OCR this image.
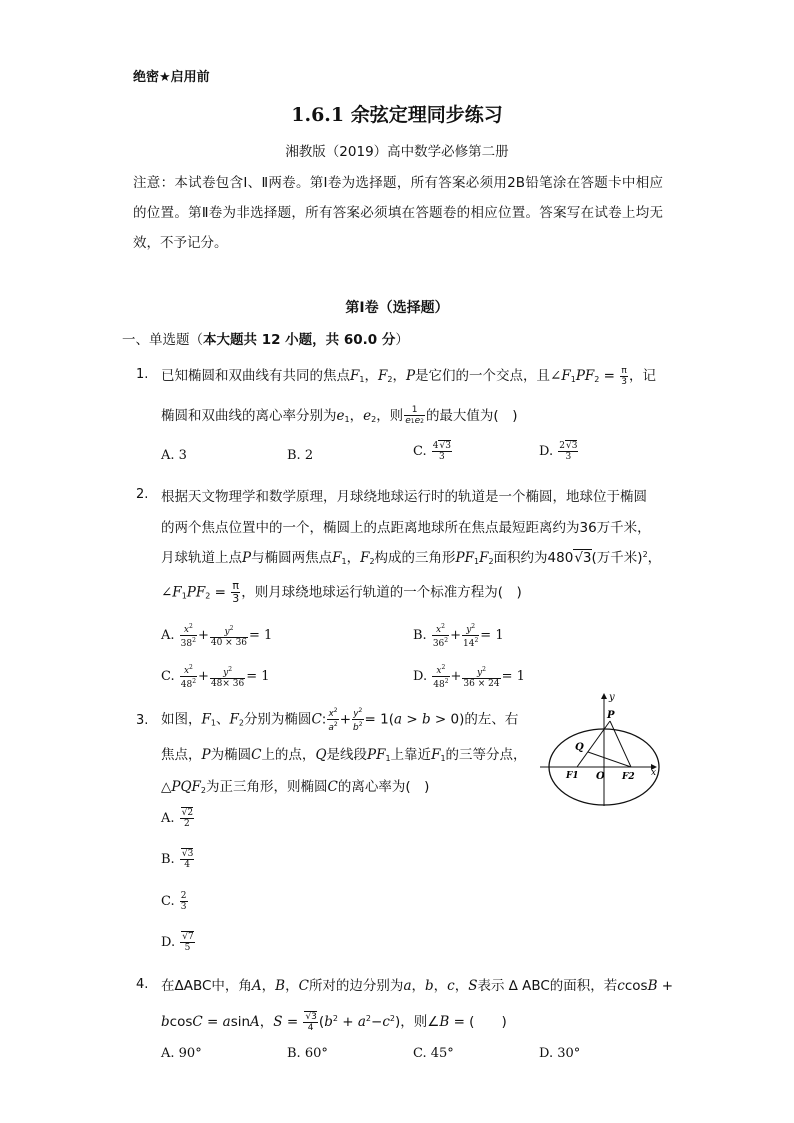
绝密★启用前
1.6.1 余弦定理同步练习
湘教版（2019）高中数学必修第二册
注意：本试卷包含Ⅰ、Ⅱ两卷。第Ⅰ卷为选择题，所有答案必须用2B铅笔涂在答题卡中相应的位置。第Ⅱ卷为非选择题，所有答案必须填在答题卷的相应位置。答案写在试卷上均无效，不予记分。
第Ⅰ卷（选择题）
一、单选题（本大题共 12 小题，共 60.0 分）
1. 已知椭圆和双曲线有共同的焦点$F_1$，$F_2$，P是它们的一个交点，且$\angle F_1PF_2 = \frac{\pi}{3}$ ，记
椭圆和双曲线的离心率分别为$e_1$，$e_2$，则 $\frac{1}{e1e2}$ 的最大值为(　)
A. 3	B. 2	C. $\frac{4√3}{3}$	D. $\frac{2√3}{3}$
2. 根据天文物理学和数学原理，月球绕地球运行时的轨道是一个椭圆，地球位于椭圆
的两个焦点位置中的一个，椭圆上的点距离地球所在焦点最短距离约为36万千米，
月球轨道上点P与椭圆两焦点$F_1$，$F_2$构成的三角形$PF_1F_2$面积约为480√3(万千米)$^2$，
$\angle F_1PF_2 = \frac{\pi}{3}$ ，则月球绕地球运行轨道的一个标准方程为(　)
A. $\frac{x^2}{38^2} + \frac{y^2}{40 \times 36} = 1$	B. $\frac{x^2}{36^2} + \frac{y^2}{14^2} = 1$
C. $\frac{x^2}{48^2} + \frac{y^2}{48\times 36} = 1$	D. $\frac{x^2}{48^2} + \frac{y^2}{36 \times 24} = 1$
3. 如图，$F_1$、$F_2$分别为椭圆C: $\frac{x^2}{a^2} + \frac{y^2}{b^2} = 1(a > b > 0)$的左、右
焦点，P为椭圆C上的点，Q是线段$PF_1$上靠近$F_1$的三等分点，
$\triangle PQF_2$为正三角形，则椭圆C的离心率为(　)
A. $\frac{√2}{2}$
B. $\frac{√3}{4}$
C. $\frac{2}{3}$
D. $\frac{√7}{5}$
y
P
Q
F1 O F2 x
4. 在ΔABC中，角A，B，C所对的边分别为a，b，c，S表示 ∆ ABC的面积，若ccosB +
bcosC = asinA，$S = \frac{√3}{4} (b^2 + a^2-c^2)$，则∠B = (　　)
A. 90°	B. 60°	C. 45°	D. 30°
